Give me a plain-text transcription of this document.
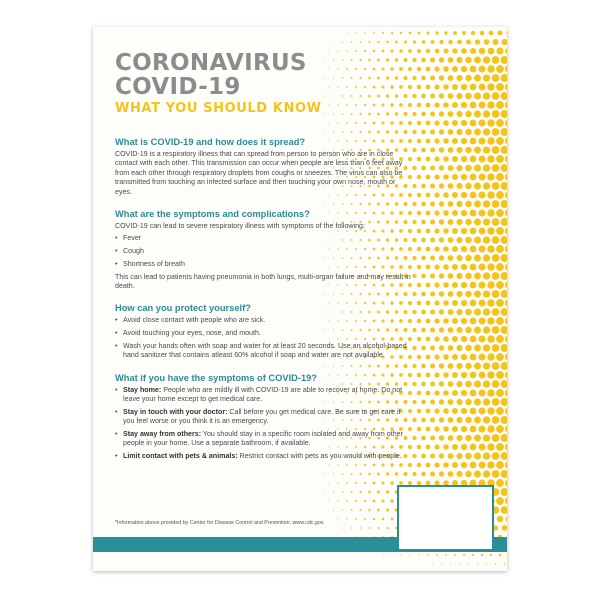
CORONAVIRUS
COVID-19
WHAT YOU SHOULD KNOW
What is COVID-19 and how does it spread?

COVID-19 is a respiratory illness that can spread from person to person who are in close contact with each other. This transmission can occur when people are less than 6 feet away from each other through respiratory droplets from coughs or sneezes. The virus can also be transmitted from touching an infected surface and then touching your own nose, mouth or eyes.

What are the symptoms and complications?

COVID-19 can lead to severe respiratory illness with symptoms of the following:

• Fever
• Cough
• Shortness of breath

This can lead to patients having pneumonia in both lungs, multi-organ failure and may result in death.

How can you protect yourself?
• Avoid close contact with people who are sick.
• Avoid touching your eyes, nose, and mouth.
• Wash your hands often with soap and water for at least 20 seconds. Use an alcohol-based hand sanitizer that contains atleast 60% alcohol if soap and water are not available.
What if you have the symptoms of COVID-19?
• Stay home: People who are mildly ill with COVID-19 are able to recover at home. Do not leave your home except to get medical care.
• Stay in touch with your doctor: Call before you get medical care. Be sure to get care if you feel worse or you think it is an emergency.
• Stay away from others: You should stay in a specific room isolated and away from other people in your home. Use a separate bathroom, if available.
• Limit contact with pets & animals: Restrict contact with pets as you would with people.
*Information above provided by Center for Disease Control and Prevention. www.cdc.gov.
